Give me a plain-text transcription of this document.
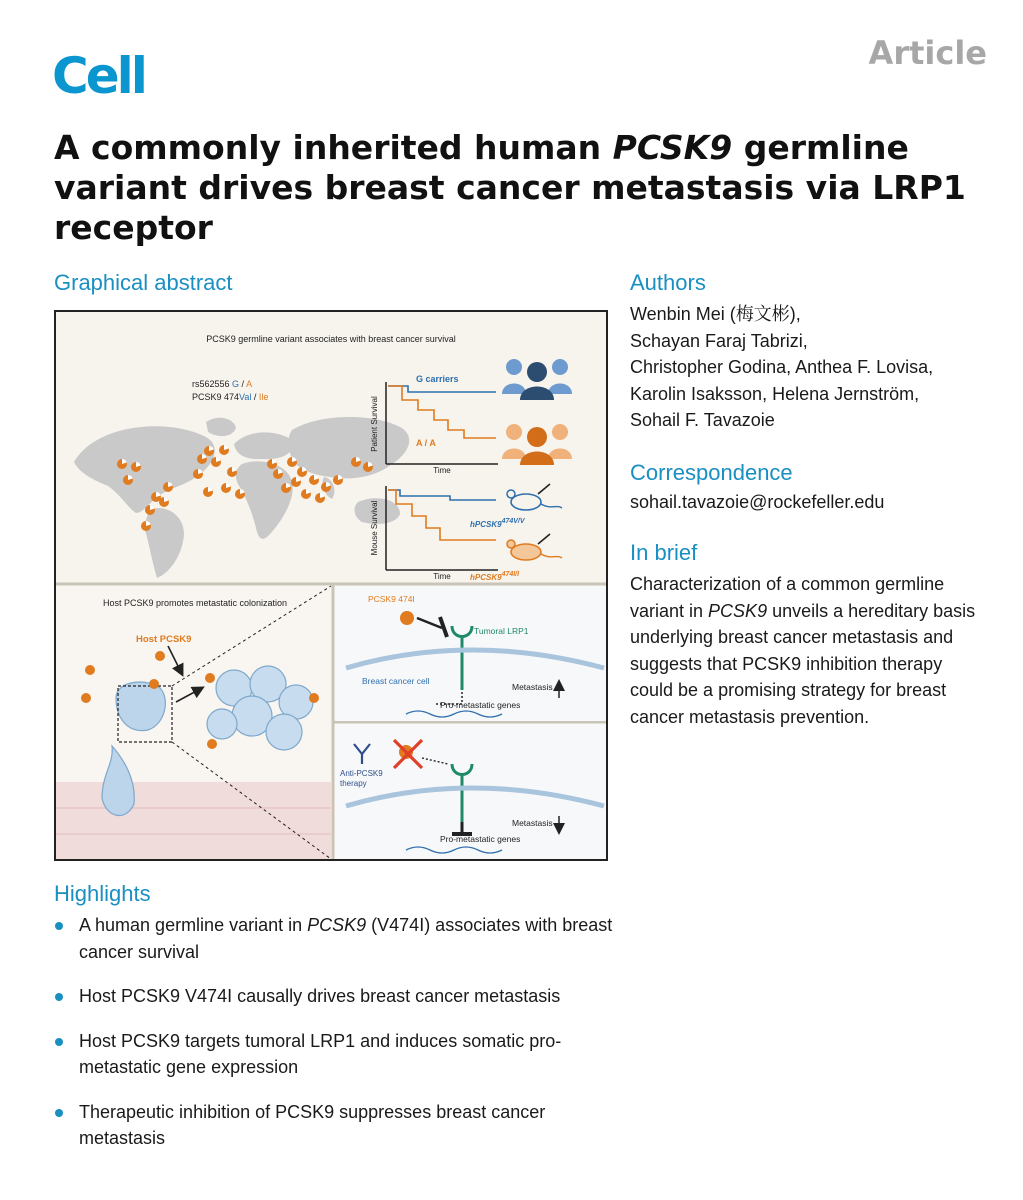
Cell	Article
A commonly inherited human PCSK9 germline variant drives breast cancer metastasis via LRP1 receptor
Graphical abstract
PCSK9 germline variant associates with breast cancer survival
rs562556 G / A
PCSK9 474Val / Ile	Patient Survival
Time
G carriers
A / A
Mouse Survival
Time
hPCSK9474V/V
hPCSK9474I/I
Host PCSK9 promotes metastatic colonization
Host PCSK9
PCSK9 474I
Tumoral LRP1
Breast cancer cell
Pro-metastatic genes
Metastasis
Anti-PCSK9
therapy
Pro-metastatic genes
Metastasis
Highlights
A human germline variant in PCSK9 (V474I) associates with breast cancer survival
Host PCSK9 V474I causally drives breast cancer metastasis
Host PCSK9 targets tumoral LRP1 and induces somatic pro-metastatic gene expression
Therapeutic inhibition of PCSK9 suppresses breast cancer metastasis
Authors
Wenbin Mei (梅文彬),
Schayan Faraj Tabrizi,
Christopher Godina, Anthea F. Lovisa,
Karolin Isaksson, Helena Jernström,
Sohail F. Tavazoie
Correspondence
sohail.tavazoie@rockefeller.edu
In brief
Characterization of a common germline variant in PCSK9 unveils a hereditary basis underlying breast cancer metastasis and suggests that PCSK9 inhibition therapy could be a promising strategy for breast cancer metastasis prevention.
